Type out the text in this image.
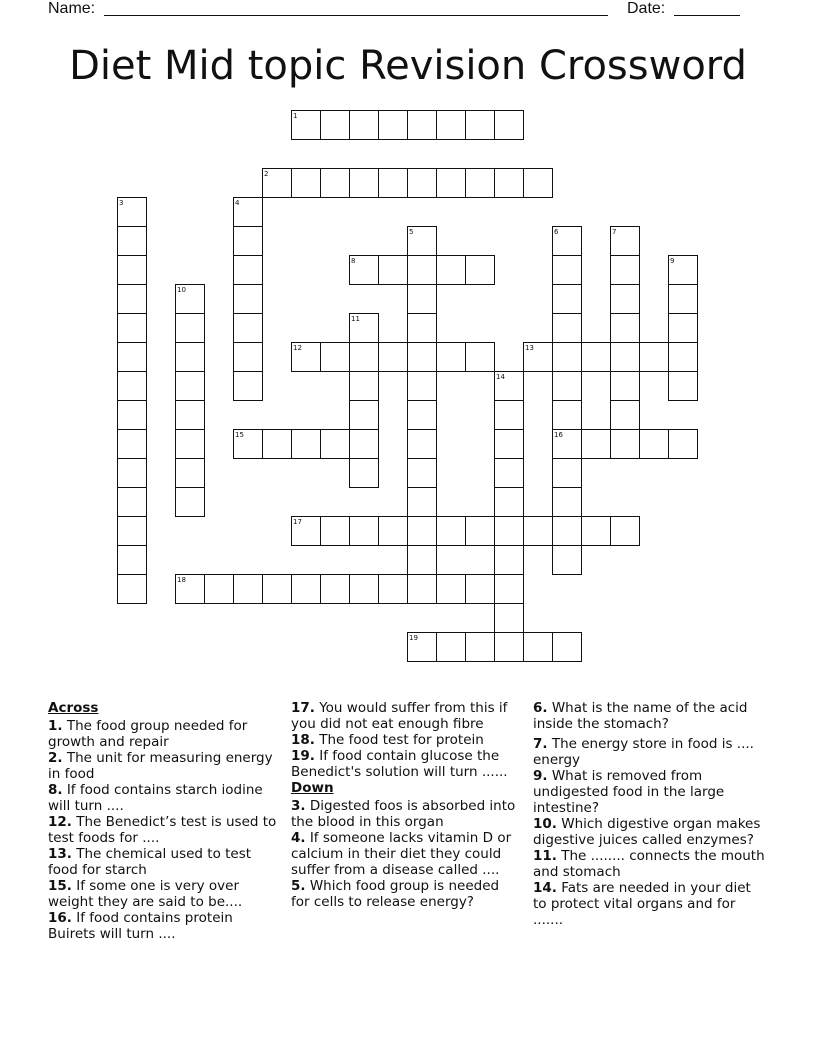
Name:	Date:
Diet Mid topic Revision Crossword
1
2
3	4
5	6	7
8	9
10
11
12	13
14
15	16
17
18
19
Across
1. The food group needed for growth and repair
2. The unit for measuring energy in food
8. If food contains starch iodine will turn ....
12. The Benedict’s test is used to test foods for ....
13. The chemical used to test food for starch
15. If some one is very over weight they are said to be....
16. If food contains protein Buirets will turn ....
17. You would suffer from this if you did not eat enough fibre
18. The food test for protein
19. If food contain glucose the Benedict's solution will turn ......
Down
3. Digested foos is absorbed into the blood in this organ
4. If someone lacks vitamin D or calcium in their diet they could suffer from a disease called ....
5. Which food group is needed for cells to release energy?
6. What is the name of the acid inside the stomach?
7. The energy store in food is .... energy
9. What is removed from undigested food in the large intestine?
10. Which digestive organ makes digestive juices called enzymes?
11. The ........ connects the mouth and stomach
14. Fats are needed in your diet to protect vital organs and for .......
